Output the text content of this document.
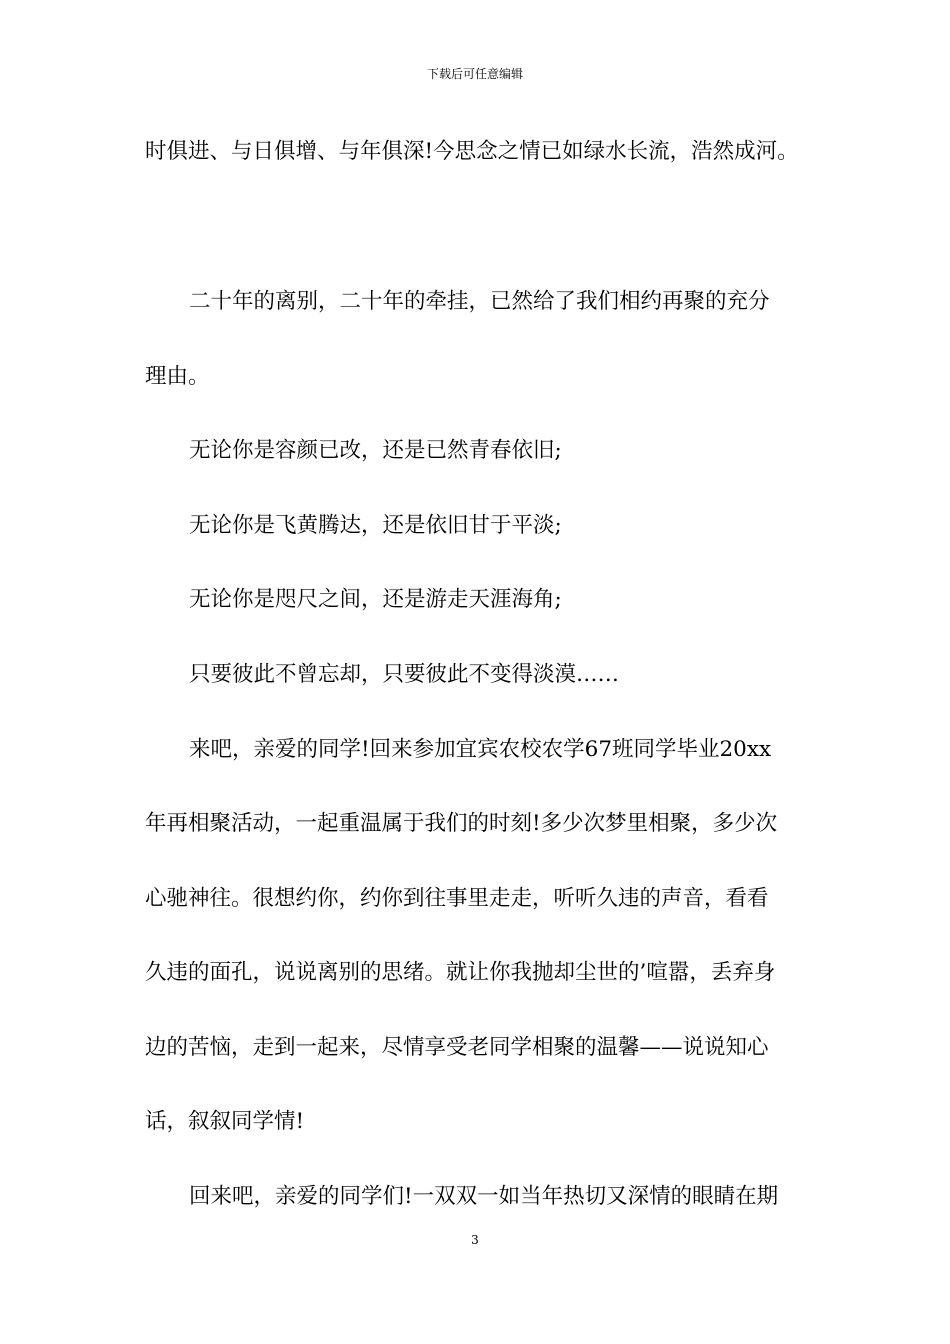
下载后可任意编辑
时俱进、与日俱增、与年俱深!今思念之情已如绿水长流，浩然成河。
二十年的离别，二十年的牵挂，已然给了我们相约再聚的充分
理由。
无论你是容颜已改，还是已然青春依旧;
无论你是飞黄腾达，还是依旧甘于平淡;
无论你是咫尺之间，还是游走天涯海角;
只要彼此不曾忘却，只要彼此不变得淡漠……
来吧，亲爱的同学!回来参加宜宾农校农学67班同学毕业20xx
年再相聚活动，一起重温属于我们的时刻!多少次梦里相聚，多少次
心驰神往。很想约你，约你到往事里走走，听听久违的声音，看看
久违的面孔，说说离别的思绪。就让你我抛却尘世的’喧嚣，丢弃身
边的苦恼，走到一起来，尽情享受老同学相聚的温馨——说说知心
话，叙叙同学情!
回来吧，亲爱的同学们!一双双一如当年热切又深情的眼睛在期
3
